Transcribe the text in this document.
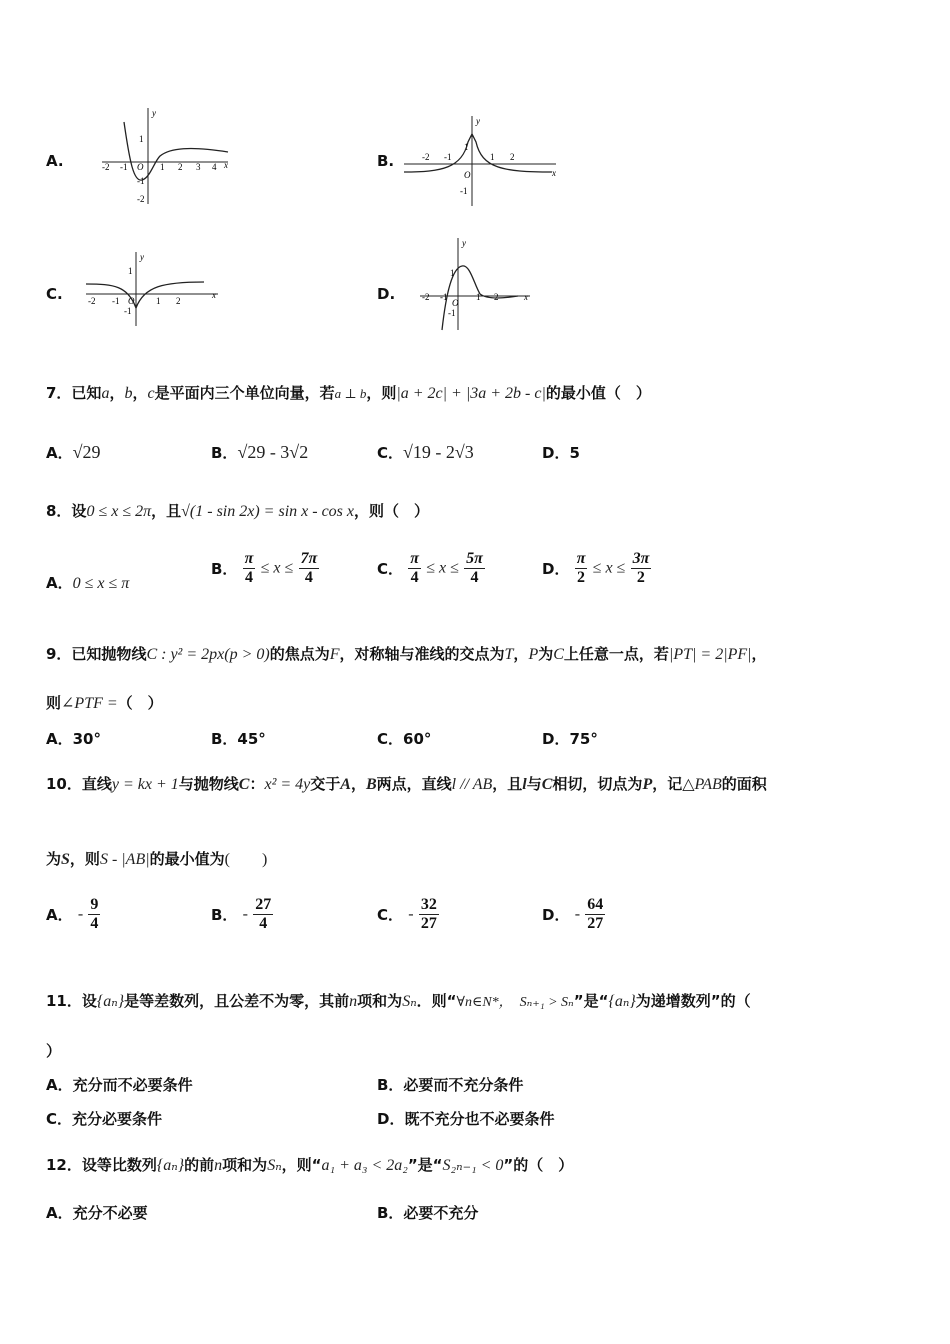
A.
y
x
-2 -1 O 1 2 3 4
1
-1
-2
B.
y
x
-2 -1	1 2
1
O
-1
C.
y
x
-2 -1 O 1 2
1
-1
D.
y
x
-2 -1
O
1 2
1
-1
7．已知a，b，c是平面内三个单位向量，若a ⊥ b，则|a + 2c| + |3a + 2b - c|的最小值（　）
A．√29	B．√29 - 3√2	C．√19 - 2√3	D．5
8．设0 ≤ x ≤ 2π，且√(1 - sin 2x) = sin x - cos x，则（　）
A．0 ≤ x ≤ π
B． $\frac{\pi}{4} \le x \le \frac{7\pi}{4}$	C． $\frac{\pi}{4} \le x \le \frac{5\pi}{4}$	D． $\frac{\pi}{2} \le x \le \frac{3\pi}{2}$
9．已知抛物线C : y² = 2px(p > 0)的焦点为F，对称轴与准线的交点为T，P为C上任意一点，若|PT| = 2|PF|，
则∠PTF =（　）
A．30°	B．45°	C．60°	D．75°
10．直线y = kx + 1与抛物线C：x² = 4y交于A，B两点，直线l // AB，且l与C相切，切点为P，记△PAB的面积
为S，则S - |AB|的最小值为(　　)
A． - $\frac{9}{4}$	B． - $\frac{27}{4}$	C． - $\frac{32}{27}$	D． - $\frac{64}{27}$
11．设{aₙ}是等差数列，且公差不为零，其前n项和为Sₙ．则“∀n∈N*，　Sₙ₊₁ > Sₙ”是“{aₙ}为递增数列”的（
）
A．充分而不必要条件	B．必要而不充分条件
C．充分必要条件	D．既不充分也不必要条件
12．设等比数列{aₙ}的前n项和为Sₙ，则“a₁ + a₃ < 2a₂”是“S₂ₙ₋₁ < 0”的（　）
A．充分不必要	B．必要不充分
